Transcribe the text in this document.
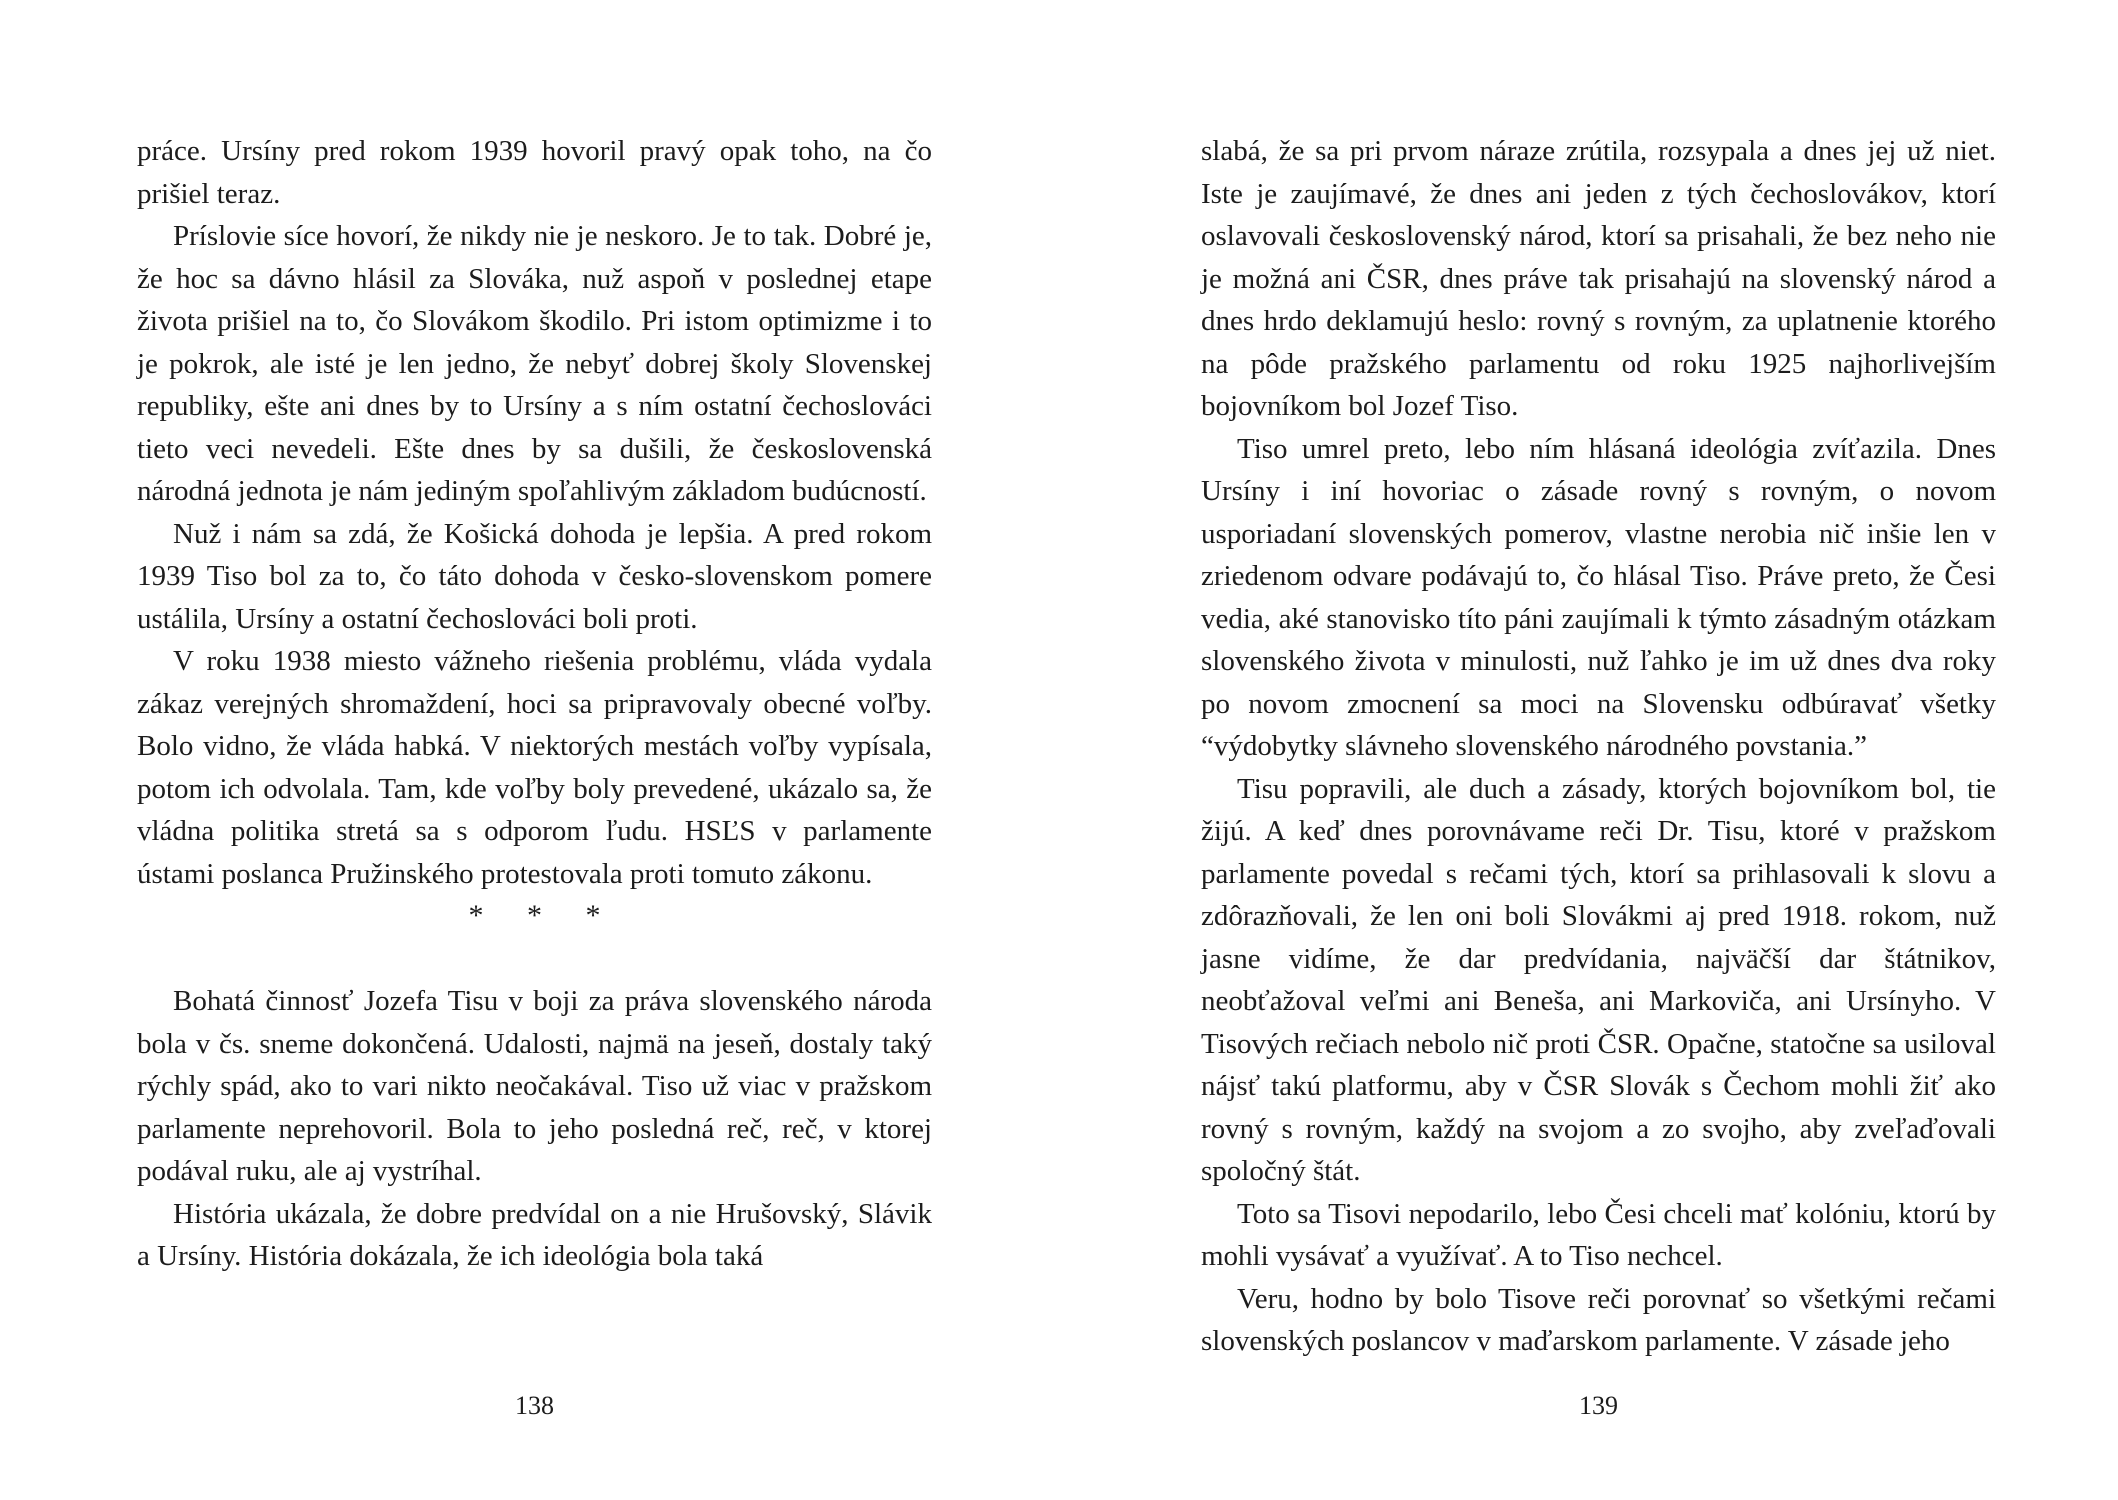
práce. Ursíny pred rokom 1939 hovoril pravý opak toho, na čo prišiel teraz.

Príslovie síce hovorí, že nikdy nie je neskoro. Je to tak. Dobré je, že hoc sa dávno hlásil za Slováka, nuž aspoň v poslednej etape života prišiel na to, čo Slovákom škodilo. Pri istom optimizme i to je pokrok, ale isté je len jedno, že nebyť dobrej školy Slovenskej republiky, ešte ani dnes by to Ursíny a s ním ostatní čechoslováci tieto veci nevedeli. Ešte dnes by sa dušili, že československá národná jednota je nám jediným spoľahlivým základom budúcností.

Nuž i nám sa zdá, že Košická dohoda je lepšia. A pred rokom 1939 Tiso bol za to, čo táto dohoda v česko-slovenskom pomere ustálila, Ursíny a ostatní čechoslováci boli proti.

V roku 1938 miesto vážneho riešenia problému, vláda vydala zákaz verejných shromaždení, hoci sa pripravovaly obecné voľby. Bolo vidno, že vláda habká. V niektorých mestách voľby vypísala, potom ich odvolala. Tam, kde voľby boly prevedené, ukázalo sa, že vládna politika stretá sa s odporom ľudu. HSĽS v parlamente ústami poslanca Pružinského protestovala proti tomuto zákonu.

* * *

Bohatá činnosť Jozefa Tisu v boji za práva slovenského národa bola v čs. sneme dokončená. Udalosti, najmä na jeseň, dostaly taký rýchly spád, ako to vari nikto neočakával. Tiso už viac v pražskom parlamente neprehovoril. Bola to jeho posledná reč, reč, v ktorej podával ruku, ale aj vystríhal.

História ukázala, že dobre predvídal on a nie Hrušovský, Slávik a Ursíny. História dokázala, že ich ideológia bola taká

138

slabá, že sa pri prvom náraze zrútila, rozsypala a dnes jej už niet. Iste je zaujímavé, že dnes ani jeden z tých čechoslovákov, ktorí oslavovali československý národ, ktorí sa prisahali, že bez neho nie je možná ani ČSR, dnes práve tak prisahajú na slovenský národ a dnes hrdo deklamujú heslo: rovný s rovným, za uplatnenie ktorého na pôde pražského parlamentu od roku 1925 najhorlivejším bojovníkom bol Jozef Tiso.

Tiso umrel preto, lebo ním hlásaná ideológia zvíťazila. Dnes Ursíny i iní hovoriac o zásade rovný s rovným, o novom usporiadaní slovenských pomerov, vlastne nerobia nič inšie len v zriedenom odvare podávajú to, čo hlásal Tiso. Práve preto, že Česi vedia, aké stanovisko títo páni zaujímali k týmto zásadným otázkam slovenského života v minulosti, nuž ľahko je im už dnes dva roky po novom zmocnení sa moci na Slovensku odbúravať všetky “výdobytky slávneho slovenského národného povstania.”

Tisu popravili, ale duch a zásady, ktorých bojovníkom bol, tie žijú. A keď dnes porovnávame reči Dr. Tisu, ktoré v pražskom parlamente povedal s rečami tých, ktorí sa prihlasovali k slovu a zdôrazňovali, že len oni boli Slovákmi aj pred 1918. rokom, nuž jasne vidíme, že dar predvídania, najväčší dar štátnikov, neobťažoval veľmi ani Beneša, ani Markoviča, ani Ursínyho. V Tisových rečiach nebolo nič proti ČSR. Opačne, statočne sa usiloval nájsť takú platformu, aby v ČSR Slovák s Čechom mohli žiť ako rovný s rovným, každý na svojom a zo svojho, aby zveľaďovali spoločný štát.

Toto sa Tisovi nepodarilo, lebo Česi chceli mať kolóniu, ktorú by mohli vysávať a využívať. A to Tiso nechcel.

Veru, hodno by bolo Tisove reči porovnať so všetkými rečami slovenských poslancov v maďarskom parlamente. V zásade jeho

139
